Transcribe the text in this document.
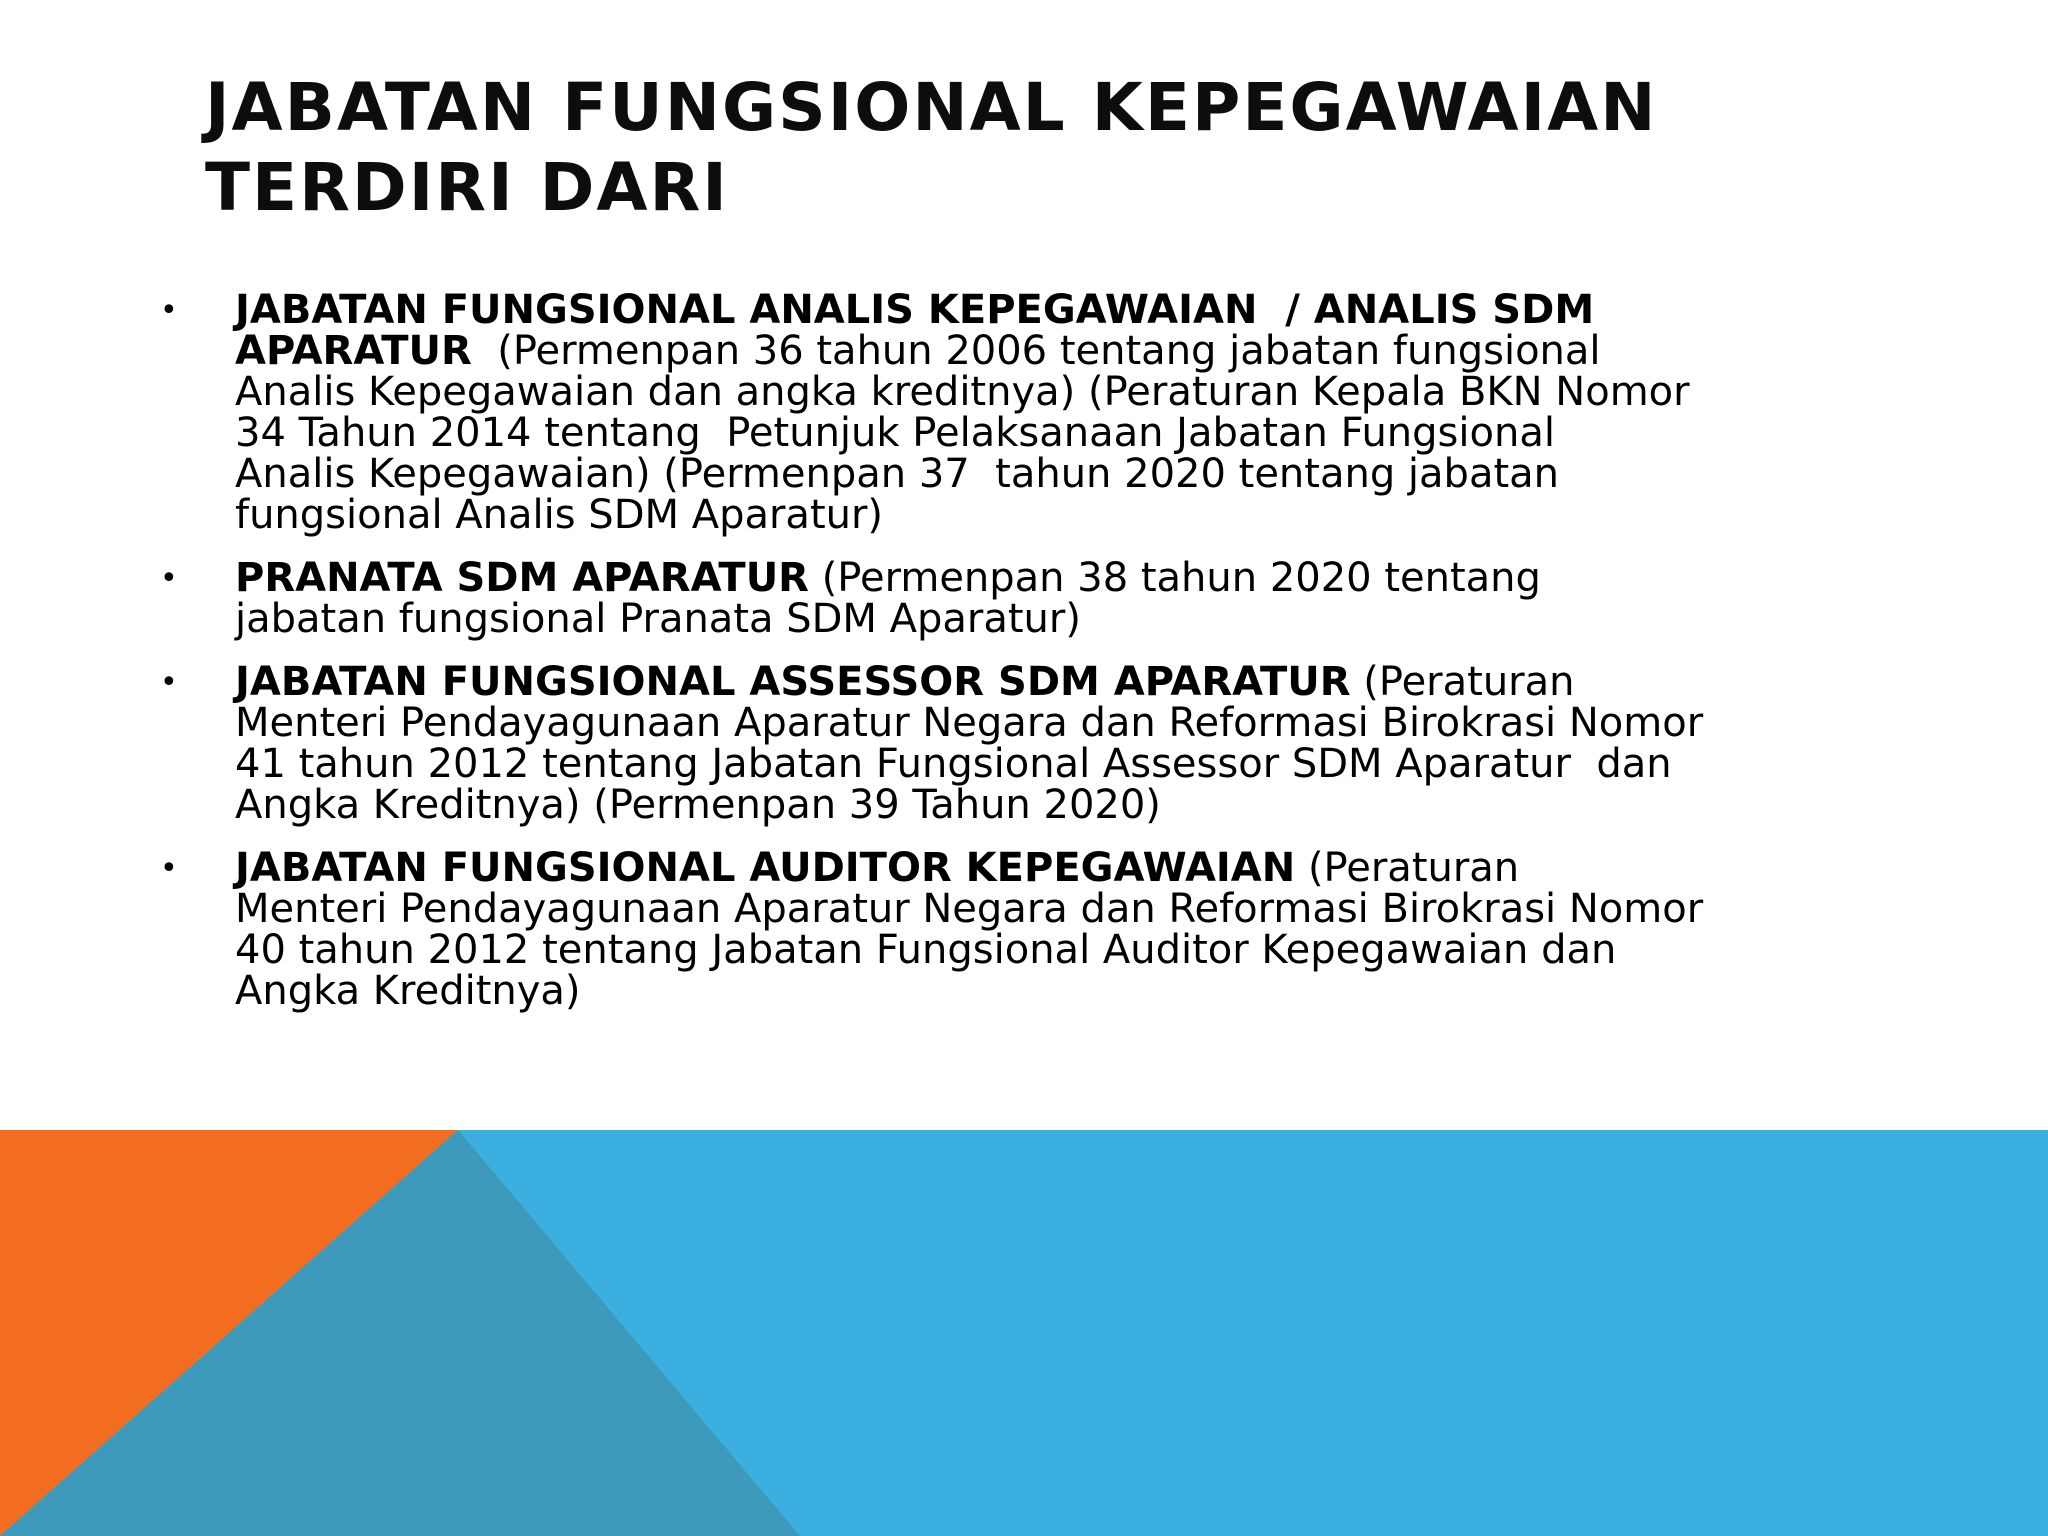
JABATAN FUNGSIONAL KEPEGAWAIAN
TERDIRI DARI
•	JABATAN FUNGSIONAL ANALIS KEPEGAWAIAN  / ANALIS SDM
APARATUR  (Permenpan 36 tahun 2006 tentang jabatan fungsional
Analis Kepegawaian dan angka kreditnya) (Peraturan Kepala BKN Nomor
34 Tahun 2014 tentang  Petunjuk Pelaksanaan Jabatan Fungsional
Analis Kepegawaian) (Permenpan 37  tahun 2020 tentang jabatan
fungsional Analis SDM Aparatur)
•	PRANATA SDM APARATUR (Permenpan 38 tahun 2020 tentang
jabatan fungsional Pranata SDM Aparatur)
•	JABATAN FUNGSIONAL ASSESSOR SDM APARATUR (Peraturan
Menteri Pendayagunaan Aparatur Negara dan Reformasi Birokrasi Nomor
41 tahun 2012 tentang Jabatan Fungsional Assessor SDM Aparatur  dan
Angka Kreditnya) (Permenpan 39 Tahun 2020)
•	JABATAN FUNGSIONAL AUDITOR KEPEGAWAIAN (Peraturan
Menteri Pendayagunaan Aparatur Negara dan Reformasi Birokrasi Nomor
40 tahun 2012 tentang Jabatan Fungsional Auditor Kepegawaian dan
Angka Kreditnya)
